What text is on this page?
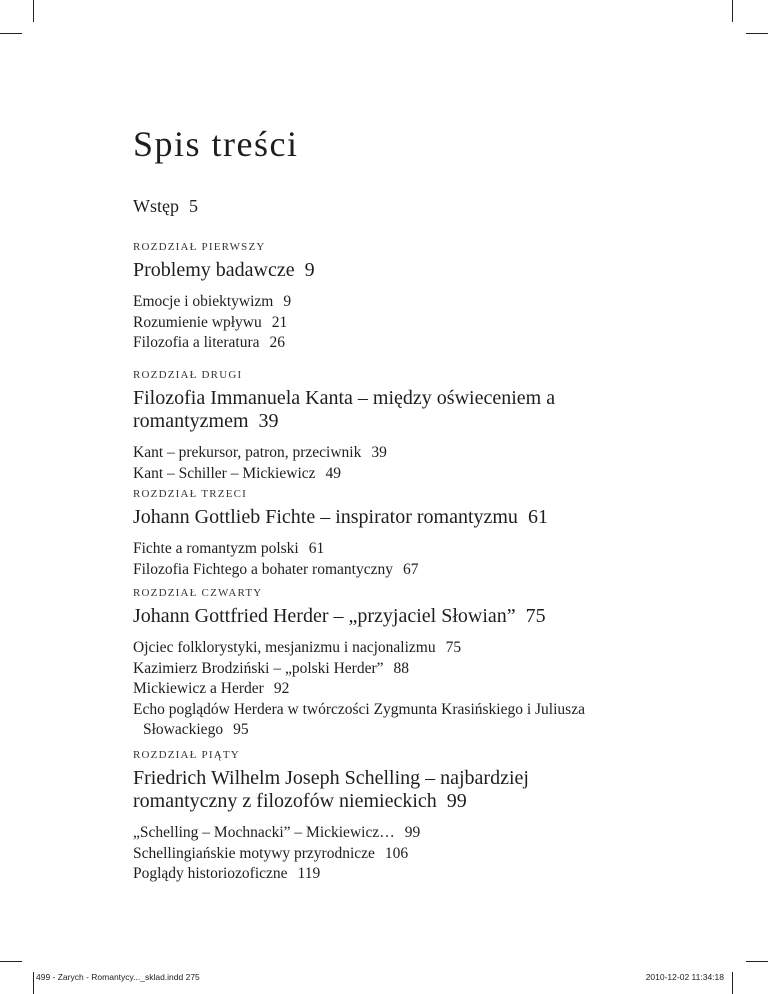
Spis treści
Wstęp 5
ROZDZIAŁ PIERWSZY
Problemy badawcze 9
Emocje i obiektywizm 9
Rozumienie wpływu 21
Filozofia a literatura 26
ROZDZIAŁ DRUGI
Filozofia Immanuela Kanta – między oświeceniem a romantyzmem 39
Kant – prekursor, patron, przeciwnik 39
Kant – Schiller – Mickiewicz 49
ROZDZIAŁ TRZECI
Johann Gottlieb Fichte – inspirator romantyzmu 61
Fichte a romantyzm polski 61
Filozofia Fichtego a bohater romantyczny 67
ROZDZIAŁ CZWARTY
Johann Gottfried Herder – „przyjaciel Słowian” 75
Ojciec folklorystyki, mesjanizmu i nacjonalizmu 75
Kazimierz Brodziński – „polski Herder” 88
Mickiewicz a Herder 92
Echo poglądów Herdera w twórczości Zygmunta Krasińskiego i Juliusza Słowackiego 95
ROZDZIAŁ PIĄTY
Friedrich Wilhelm Joseph Schelling – najbardziej romantyczny z filozofów niemieckich 99
„Schelling – Mochnacki” – Mickiewicz… 99
Schellingiańskie motywy przyrodnicze 106
Poglądy historiozoficzne 119
499 - Zarych - Romantycy..._sklad.indd 275	2010-12-02 11:34:18
